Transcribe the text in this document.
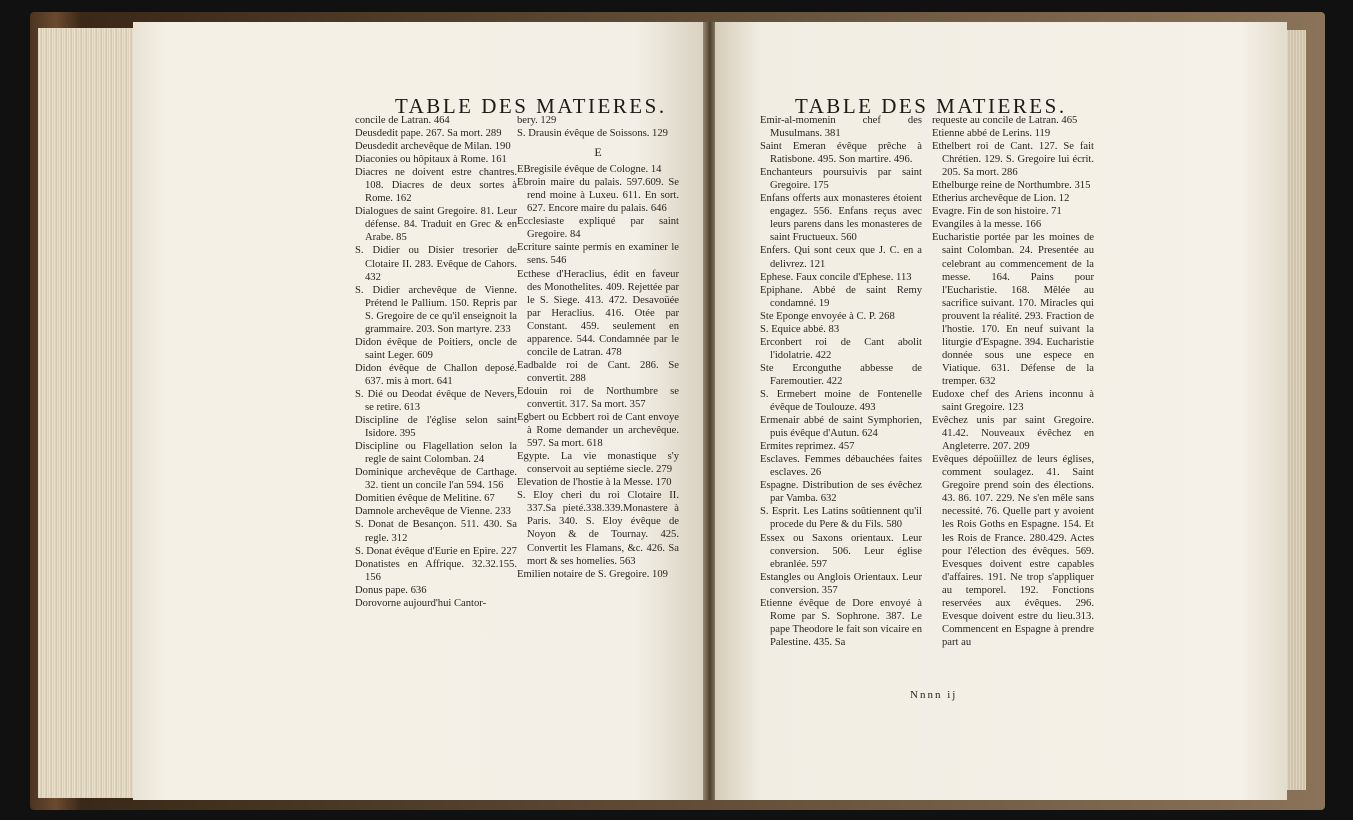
TABLE DES MATIERES.

concile de Latran. 464

Deusdedit pape. 267. Sa mort. 289

Deusdedit archevêque de Milan. 190

Diaconies ou hôpitaux à Rome. 161

Diacres ne doivent estre chantres. 108. Diacres de deux sortes à Rome. 162

Dialogues de saint Gregoire. 81. Leur défense. 84. Traduit en Grec & en Arabe. 85

S. Didier ou Disier tresorier de Clotaire II. 283. Evêque de Cahors. 432

S. Didier archevêque de Vienne. Prétend le Pallium. 150. Repris par S. Gregoire de ce qu'il enseignoit la grammaire. 203. Son martyre. 233

Didon évêque de Poitiers, oncle de saint Leger. 609

Didon évêque de Challon deposé. 637. mis à mort. 641

S. Dié ou Deodat évêque de Nevers, se retire. 613

Discipline de l'église selon saint Isidore. 395

Discipline ou Flagellation selon la regle de saint Colomban. 24

Dominique archevêque de Carthage. 32. tient un concile l'an 594. 156

Domitien évêque de Melitine. 67

Damnole archevêque de Vienne. 233

S. Donat de Besançon. 511. 430. Sa regle. 312

S. Donat évêque d'Eurie en Epire. 227

Donatistes en Affrique. 32.32.155. 156

Donus pape. 636

Dorovorne aujourd'hui Cantor-

bery. 129

S. Drausin évêque de Soissons. 129

E

EBregisile évêque de Cologne. 14

Ebroin maire du palais. 597.609. Se rend moine à Luxeu. 611. En sort. 627. Encore maire du palais. 646

Ecclesiaste expliqué par saint Gregoire. 84

Ecriture sainte permis en examiner le sens. 546

Ecthese d'Heraclius, édit en faveur des Monothelites. 409. Rejettée par le S. Siege. 413. 472. Desavoüée par Heraclius. 416. Otée par Constant. 459. seulement en apparence. 544. Condamnée par le concile de Latran. 478

Eadbalde roi de Cant. 286. Se convertit. 288

Edouin roi de Northumbre se convertit. 317. Sa mort. 357

Egbert ou Ecbbert roi de Cant envoye à Rome demander un archevêque. 597. Sa mort. 618

Egypte. La vie monastique s'y conservoit au septiéme siecle. 279

Elevation de l'hostie à la Messe. 170

S. Eloy cheri du roi Clotaire II. 337.Sa pieté.338.339.Monastere à Paris. 340. S. Eloy évêque de Noyon & de Tournay. 425. Convertit les Flamans, &c. 426. Sa mort & ses homelies. 563

Emilien notaire de S. Gregoire. 109

TABLE DES MATIERES.

Emir-al-momenin chef des Musulmans. 381

Saint Emeran évêque prêche à Ratisbone. 495. Son martire. 496.

Enchanteurs poursuivis par saint Gregoire. 175

Enfans offerts aux monasteres étoient engagez. 556. Enfans reçus avec leurs parens dans les monasteres de saint Fructueux. 560

Enfers. Qui sont ceux que J. C. en a delivrez. 121

Ephese. Faux concile d'Ephese. 113

Epiphane. Abbé de saint Remy condamné. 19

Ste Eponge envoyée à C. P. 268

S. Equice abbé. 83

Erconbert roi de Cant abolit l'idolatrie. 422

Ste Erconguthe abbesse de Faremoutier. 422

S. Ermebert moine de Fontenelle évêque de Toulouze. 493

Ermenair abbé de saint Symphorien, puis évêque d'Autun. 624

Ermites reprimez. 457

Esclaves. Femmes débauchées faites esclaves. 26

Espagne. Distribution de ses évêchez par Vamba. 632

S. Esprit. Les Latins soûtiennent qu'il procede du Pere & du Fils. 580

Essex ou Saxons orientaux. Leur conversion. 506. Leur église ebranlée. 597

Estangles ou Anglois Orientaux. Leur conversion. 357

Etienne évêque de Dore envoyé à Rome par S. Sophrone. 387. Le pape Theodore le fait son vicaire en Palestine. 435. Sa

requeste au concile de Latran. 465

Etienne abbé de Lerins. 119

Ethelbert roi de Cant. 127. Se fait Chrétien. 129. S. Gregoire lui écrit. 205. Sa mort. 286

Ethelburge reine de Northumbre. 315

Etherius archevêque de Lion. 12

Evagre. Fin de son histoire. 71

Evangiles à la messe. 166

Eucharistie portée par les moines de saint Colomban. 24. Presentée au celebrant au commencement de la messe. 164. Pains pour l'Eucharistie. 168. Mêlée au sacrifice suivant. 170. Miracles qui prouvent la réalité. 293. Fraction de l'hostie. 170. En neuf suivant la liturgie d'Espagne. 394. Eucharistie donnée sous une espece en Viatique. 631. Défense de la tremper. 632

Eudoxe chef des Ariens inconnu à saint Gregoire. 123

Evêchez unis par saint Gregoire. 41.42. Nouveaux évêchez en Angleterre. 207. 209

Evêques dépoüillez de leurs églises, comment soulagez. 41. Saint Gregoire prend soin des élections. 43. 86. 107. 229. Ne s'en mêle sans necessité. 76. Quelle part y avoient les Rois Goths en Espagne. 154. Et les Rois de France. 280.429. Actes pour l'élection des évêques. 569. Evesques doivent estre capables d'affaires. 191. Ne trop s'appliquer au temporel. 192. Fonctions reservées aux évêques. 296. Evesque doivent estre du lieu.313. Commencent en Espagne à prendre part au

Nnnn ij
